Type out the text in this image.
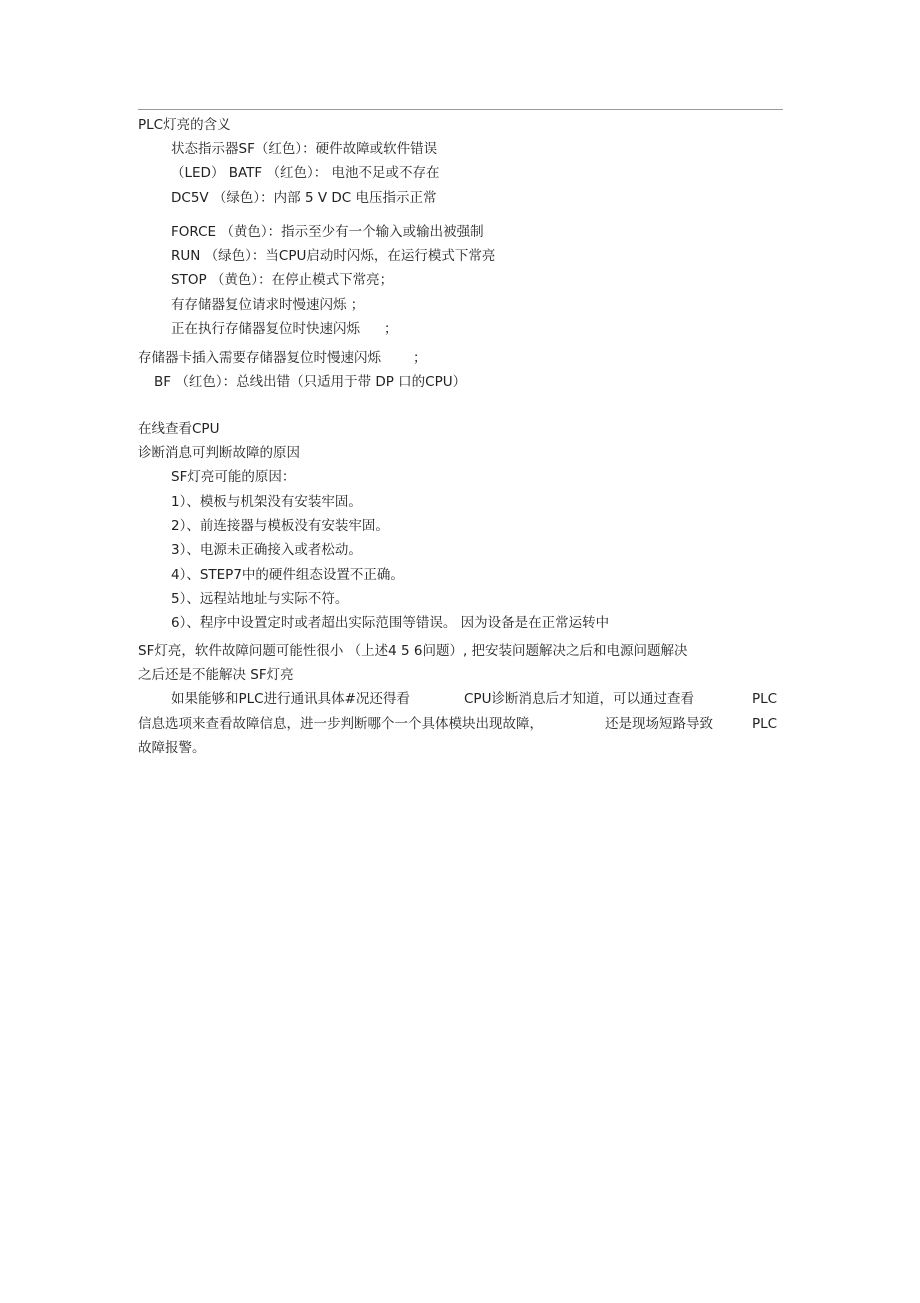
PLC灯亮的含义
状态指示器SF（红色）：硬件故障或软件错误
（LED） BATF （红色）： 电池不足或不存在
DC5V （绿色）：内部 5 V DC 电压指示正常
FORCE （黄色）：指示至少有一个输入或输出被强制
RUN （绿色）：当CPU启动时闪烁，在运行模式下常亮
STOP （黄色）：在停止模式下常亮；
有存储器复位请求时慢速闪烁 ；
正在执行存储器复位时快速闪烁 ；
存储器卡插入需要存储器复位时慢速闪烁 ；
BF （红色）：总线出错（只适用于带 DP 口的CPU）
在线查看CPU
诊断消息可判断故障的原因
SF灯亮可能的原因：
1）、模板与机架没有安装牢固。
2）、前连接器与模板没有安装牢固。
3）、电源未正确接入或者松动。
4）、STEP7中的硬件组态设置不正确。
5）、远程站地址与实际不符。
6）、程序中设置定时或者超出实际范围等错误。 因为设备是在正常运转中
SF灯亮，软件故障问题可能性很小 （上述4 5 6问题）, 把安装问题解决之后和电源问题解决
之后还是不能解决 SF灯亮
如果能够和PLC进行通讯具体#况还得看	CPU诊断消息后才知道，可以通过查看	PLC
信息选项来查看故障信息，进一步判断哪个一个具体模块出现故障，	还是现场短路导致	PLC
故障报警。
